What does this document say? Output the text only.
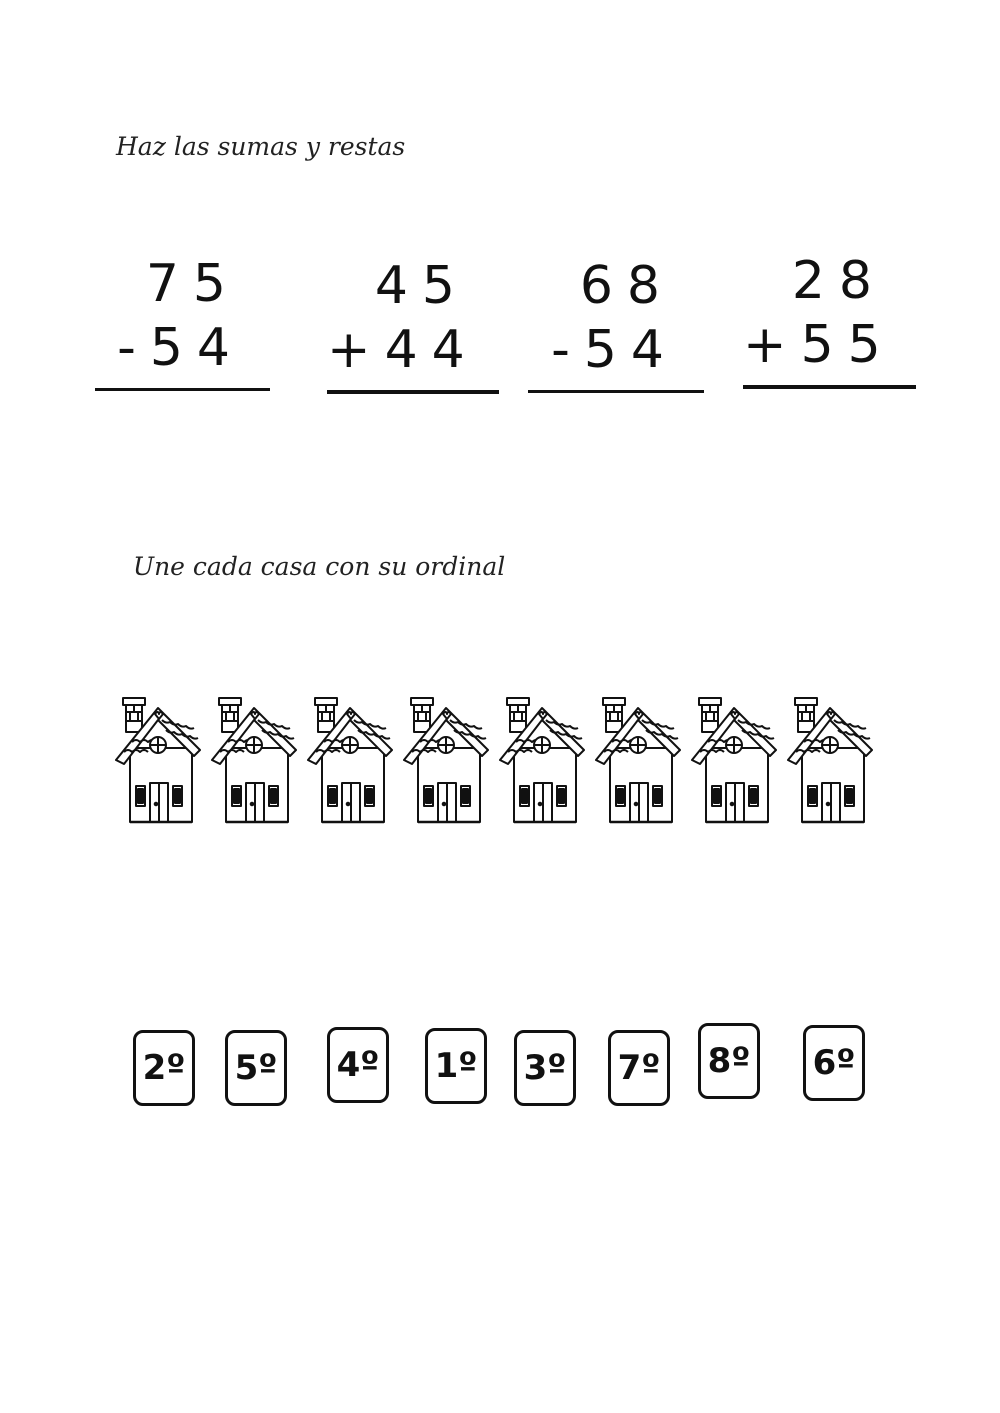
Haz las sumas y restas
75
-54
45
+44
68
-54
28
+55
Une cada casa con su ordinal
2º 5º 4º 1º 3º 7º 8º 6º
